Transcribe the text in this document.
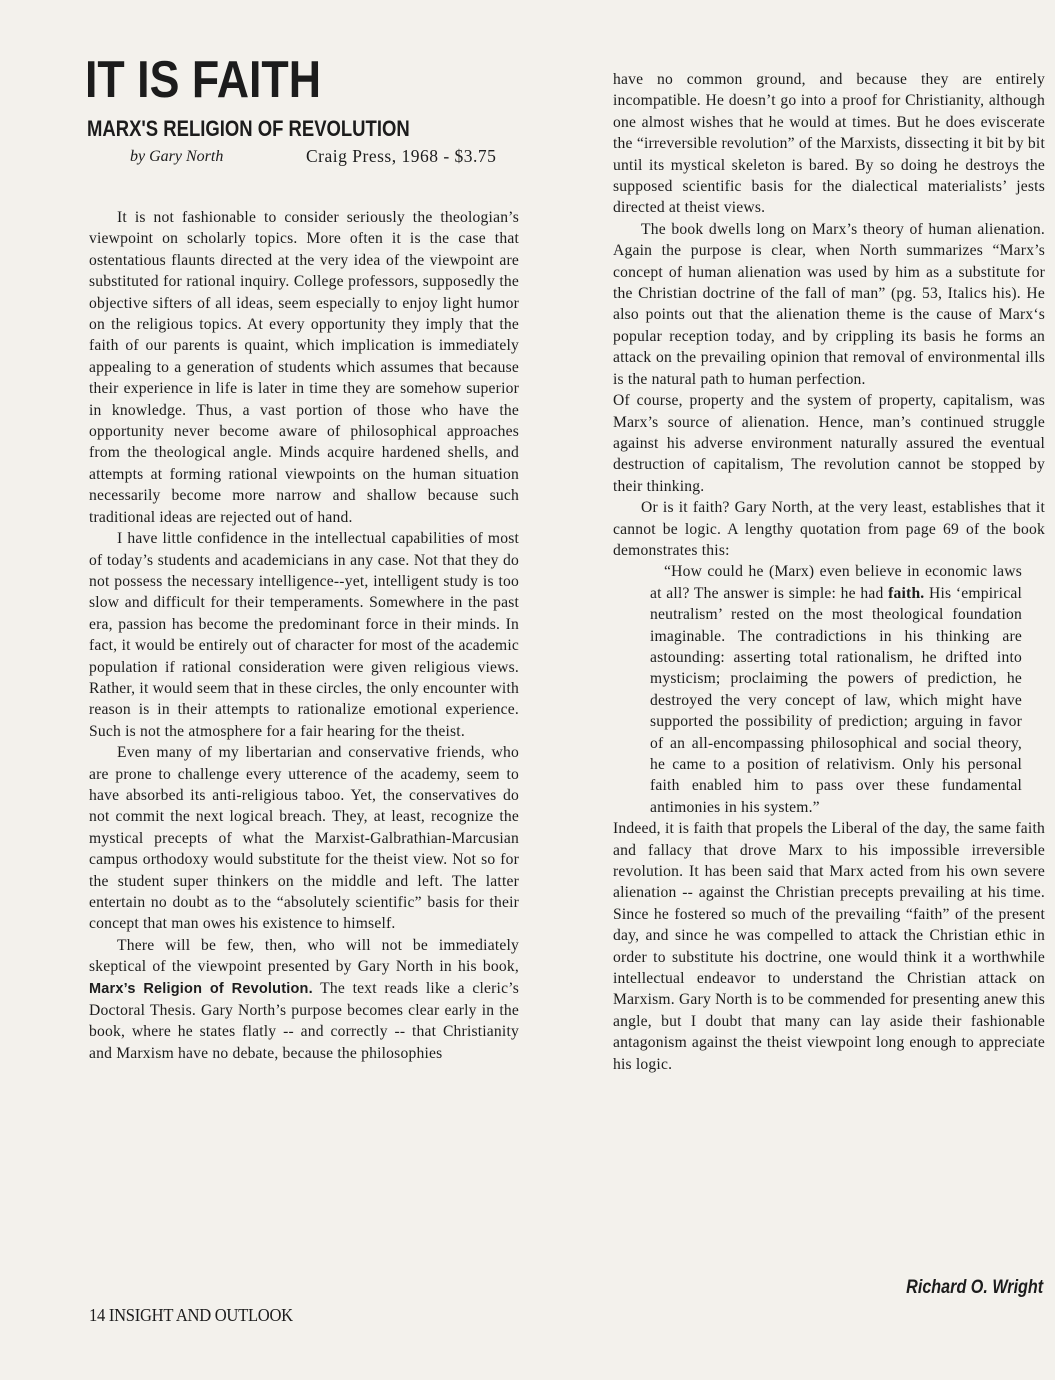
IT IS FAITH
MARX'S RELIGION OF REVOLUTION
by Gary North	Craig Press, 1968 - $3.75

It is not fashionable to consider seriously the theologian’s viewpoint on scholarly topics. More often it is the case that ostentatious flaunts directed at the very idea of the viewpoint are substituted for rational inquiry. College professors, supposedly the objective sifters of all ideas, seem especially to enjoy light humor on the religious topics. At every opportunity they imply that the faith of our parents is quaint, which implication is immediately appealing to a generation of students which assumes that because their experience in life is later in time they are somehow superior in knowledge. Thus, a vast portion of those who have the opportunity never become aware of philosophical approaches from the theological angle. Minds acquire hardened shells, and attempts at forming rational viewpoints on the human situation necessarily become more narrow and shallow because such traditional ideas are rejected out of hand.

I have little confidence in the intellectual capabilities of most of today’s students and academicians in any case. Not that they do not possess the necessary intelligence--yet, intelligent study is too slow and difficult for their temperaments. Somewhere in the past era, passion has become the predominant force in their minds. In fact, it would be entirely out of character for most of the academic population if rational consideration were given religious views. Rather, it would seem that in these circles, the only encounter with reason is in their attempts to rationalize emotional experience. Such is not the atmosphere for a fair hearing for the theist.

Even many of my libertarian and conservative friends, who are prone to challenge every utterence of the academy, seem to have absorbed its anti-religious taboo. Yet, the conservatives do not commit the next logical breach. They, at least, recognize the mystical precepts of what the Marxist-Galbrathian-Marcusian campus orthodoxy would substitute for the theist view. Not so for the student super thinkers on the middle and left. The latter entertain no doubt as to the “absolutely scientific” basis for their concept that man owes his existence to himself.

There will be few, then, who will not be immediately skeptical of the viewpoint presented by Gary North in his book, Marx’s Religion of Revolution. The text reads like a cleric’s Doctoral Thesis. Gary North’s purpose becomes clear early in the book, where he states flatly -- and correctly -- that Christianity and Marxism have no debate, because the philosophies

have no common ground, and because they are entirely incompatible. He doesn’t go into a proof for Christianity, although one almost wishes that he would at times. But he does eviscerate the “irreversible revolution” of the Marxists, dissecting it bit by bit until its mystical skeleton is bared. By so doing he destroys the supposed scientific basis for the dialectical materialists’ jests directed at theist views.

The book dwells long on Marx’s theory of human alienation. Again the purpose is clear, when North summarizes “Marx’s concept of human alienation was used by him as a substitute for the Christian doctrine of the fall of man” (pg. 53, Italics his). He also points out that the alienation theme is the cause of Marx‘s popular reception today, and by crippling its basis he forms an attack on the prevailing opinion that removal of environmental ills is the natural path to human perfection.

Of course, property and the system of property, capitalism, was Marx’s source of alienation. Hence, man’s continued struggle against his adverse environment naturally assured the eventual destruction of capitalism, The revolution cannot be stopped by their thinking.

Or is it faith? Gary North, at the very least, establishes that it cannot be logic. A lengthy quotation from page 69 of the book demonstrates this:

“How could he (Marx) even believe in economic laws at all? The answer is simple: he had faith. His ‘empirical neutralism’ rested on the most theological foundation imaginable. The contradictions in his thinking are astounding: asserting total rationalism, he drifted into mysticism; proclaiming the powers of prediction, he destroyed the very concept of law, which might have supported the possibility of prediction; arguing in favor of an all-encompassing philosophical and social theory, he came to a position of relativism. Only his personal faith enabled him to pass over these fundamental antimonies in his system.”

Indeed, it is faith that propels the Liberal of the day, the same faith and fallacy that drove Marx to his impossible irreversible revolution. It has been said that Marx acted from his own severe alienation -- against the Christian precepts prevailing at his time. Since he fostered so much of the prevailing “faith” of the present day, and since he was compelled to attack the Christian ethic in order to substitute his doctrine, one would think it a worthwhile intellectual endeavor to understand the Christian attack on Marxism. Gary North is to be commended for presenting anew this angle, but I doubt that many can lay aside their fashionable antagonism against the theist viewpoint long enough to appreciate his logic.

Richard O. Wright
14 INSIGHT AND OUTLOOK
